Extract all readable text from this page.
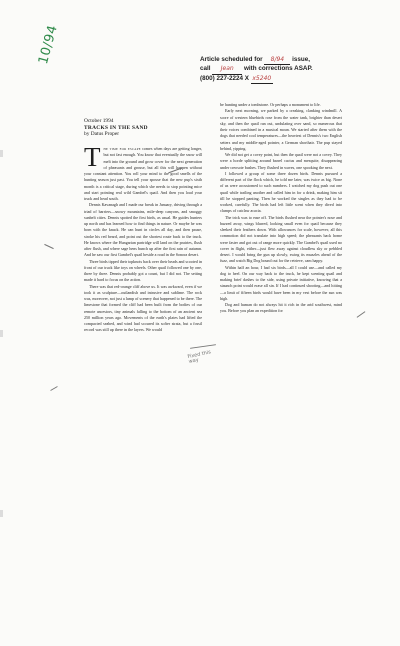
10/94	Article scheduled for 8/94 issue,
call Jean with corrections ASAP.
(800) 227-2224 X x5240
October 1994
TRACKS IN THE SAND
by Datus Proper

The time for escape comes when days are getting longer, but not fast enough. You know that eventually the snow will melt into the ground and grow cover for the next generation of pheasants and grouse, but all this will happen without your constant attention. You roll your mind to the good smells of the hunting season just past. You tell your spouse that the new pup's sixth month is a critical stage, during which she needs to stop pointing mice and start pointing real wild Gambel's quail. And then you load your truck and head south.

Dennis Kavanagh and I made our break in January, driving through a triad of barriers—snowy mountains, mile-deep canyons, and smoggy sunbelt cities. Dennis spotted the first birds, as usual. He guides hunters up north and has learned how to find things in nature. Or maybe he was born with the knack. He can hunt in circles all day, and then pause, stroke his red beard, and point out the shortest route back to the truck. He knows where the Hungarian partridge will land on the prairies, flush after flush, and where sage hens bunch up after the first rain of autumn. And he saw our first Gambel's quail beside a road in the Sonora desert.

Three birds tipped their topknots back over their heads and scooted in front of our truck like toys on wheels. Other quail followed one by one, three by three. Dennis probably got a count, but I did not. The setting made it hard to focus on the action.

There was that red-orange cliff above us. It was awkward, even if we took it as sculpture—outlandish and intrusive and sublime. The rock was, moreover, not just a lump of scenery that happened to be there. The limestone that formed the cliff had been built from the bodies of our remote ancestors, tiny animals falling to the bottom of an ancient sea 250 million years ago. Movements of the earth's plates had lifted the compacted seabed, and wind had scoured its softer strata, but a fossil record was still up there in the layers. We would

be hunting under a tombstone. Or perhaps a monument to life.

Early next morning, we parked by a creaking, clanking windmill. A score of western bluebirds rose from the water tank, brighter than desert sky, and then the quail ran out, undulating over sand, so numerous that their voices combined in a musical moan. We started after them with the dogs that needed cool temperatures—the heaviest of Dennis's two English setters and my middle-aged pointer, a German shorthair. The pup stayed behind, yipping.

We did not get a covey point, but then the quail were not a covey. They were a horde splitting around barrel cactus and mesquite, disappearing under creosote bushes. They flushed in waves, one spooking the next.

I followed a group of some three dozen birds. Dennis pursued a different part of the flock which, he told me later, was twice as big. None of us were accustomed to such numbers. I watched my dog push out one quail while trailing another and called him in for a drink, making him sit till he stopped panting. Then he worked the singles as they had to be worked, carefully. The birds had left little scent when they dived into clumps of catclaw acacia.

The trick was to ease off. The birds flushed near the pointer's nose and buzzed away, wings blurred, looking small even for quail because they sleeked their feathers down. With allowances for scale, however, all this commotion did not translate into high speed; the pheasants back home were faster and got out of range more quickly. The Gambel's quail used no cover in flight, either—just flew away against cloudless sky or pebbled desert. I would bring the gun up slowly, swing its muzzles ahead of the fuzz, and watch Big Dog bound out for the retrieve, cam happy.

Within half an hour, I had six birds—all I could use—and called my dog to heel. On our way back to the truck, he kept scenting quail and making brief dashes to the side, using private initiative, knowing that a staunch point would erase all sin. If I had continued shooting—and hitting—a limit of fifteen birds would have been in my vest before the sun was high.

Dog and human do not always hit it rich in the arid southwest, mind you. Before you plan an expedition for

Fixed this way
